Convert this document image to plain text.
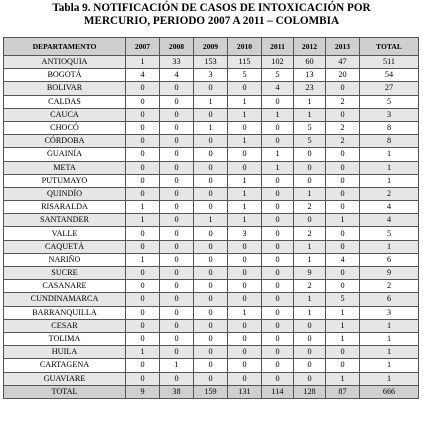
Tabla 9. NOTIFICACIÓN DE CASOS DE INTOXICACIÓN POR
MERCURIO, PERIODO 2007 A 2011 – COLOMBIA
DEPARTAMENTO	2007	2008	2009	2010	2011	2012	2013	TOTAL
ANTIOQUIA	1	33	153	115	102	60	47	511
BOGOTÁ	4	4	3	5	5	13	20	54
BOLIVAR	0	0	0	0	4	23	0	27
CALDAS	0	0	1	1	0	1	2	5
CAUCA	0	0	0	1	1	1	0	3
CHOCÓ	0	0	1	0	0	5	2	8
CÓRDOBA	0	0	0	1	0	5	2	8
GUAINÍA	0	0	0	0	1	0	0	1
META	0	0	0	0	1	0	0	1
PUTUMAYO	0	0	0	1	0	0	0	1
QUINDÍO	0	0	0	1	0	1	0	2
RISARALDA	1	0	0	1	0	2	0	4
SANTANDER	1	0	1	1	0	0	1	4
VALLE	0	0	0	3	0	2	0	5
CAQUETÁ	0	0	0	0	0	1	0	1
NARIÑO	1	0	0	0	0	1	4	6
SUCRE	0	0	0	0	0	9	0	9
CASANARE	0	0	0	0	0	2	0	2
CUNDINAMARCA	0	0	0	0	0	1	5	6
BARRANQUILLA	0	0	0	1	0	1	1	3
CESAR	0	0	0	0	0	0	1	1
TOLIMA	0	0	0	0	0	0	1	1
HUILA	1	0	0	0	0	0	0	1
CARTAGENA	0	1	0	0	0	0	0	1
GUAVIARE	0	0	0	0	0	0	1	1
TOTAL	9	38	159	131	114	128	87	666
